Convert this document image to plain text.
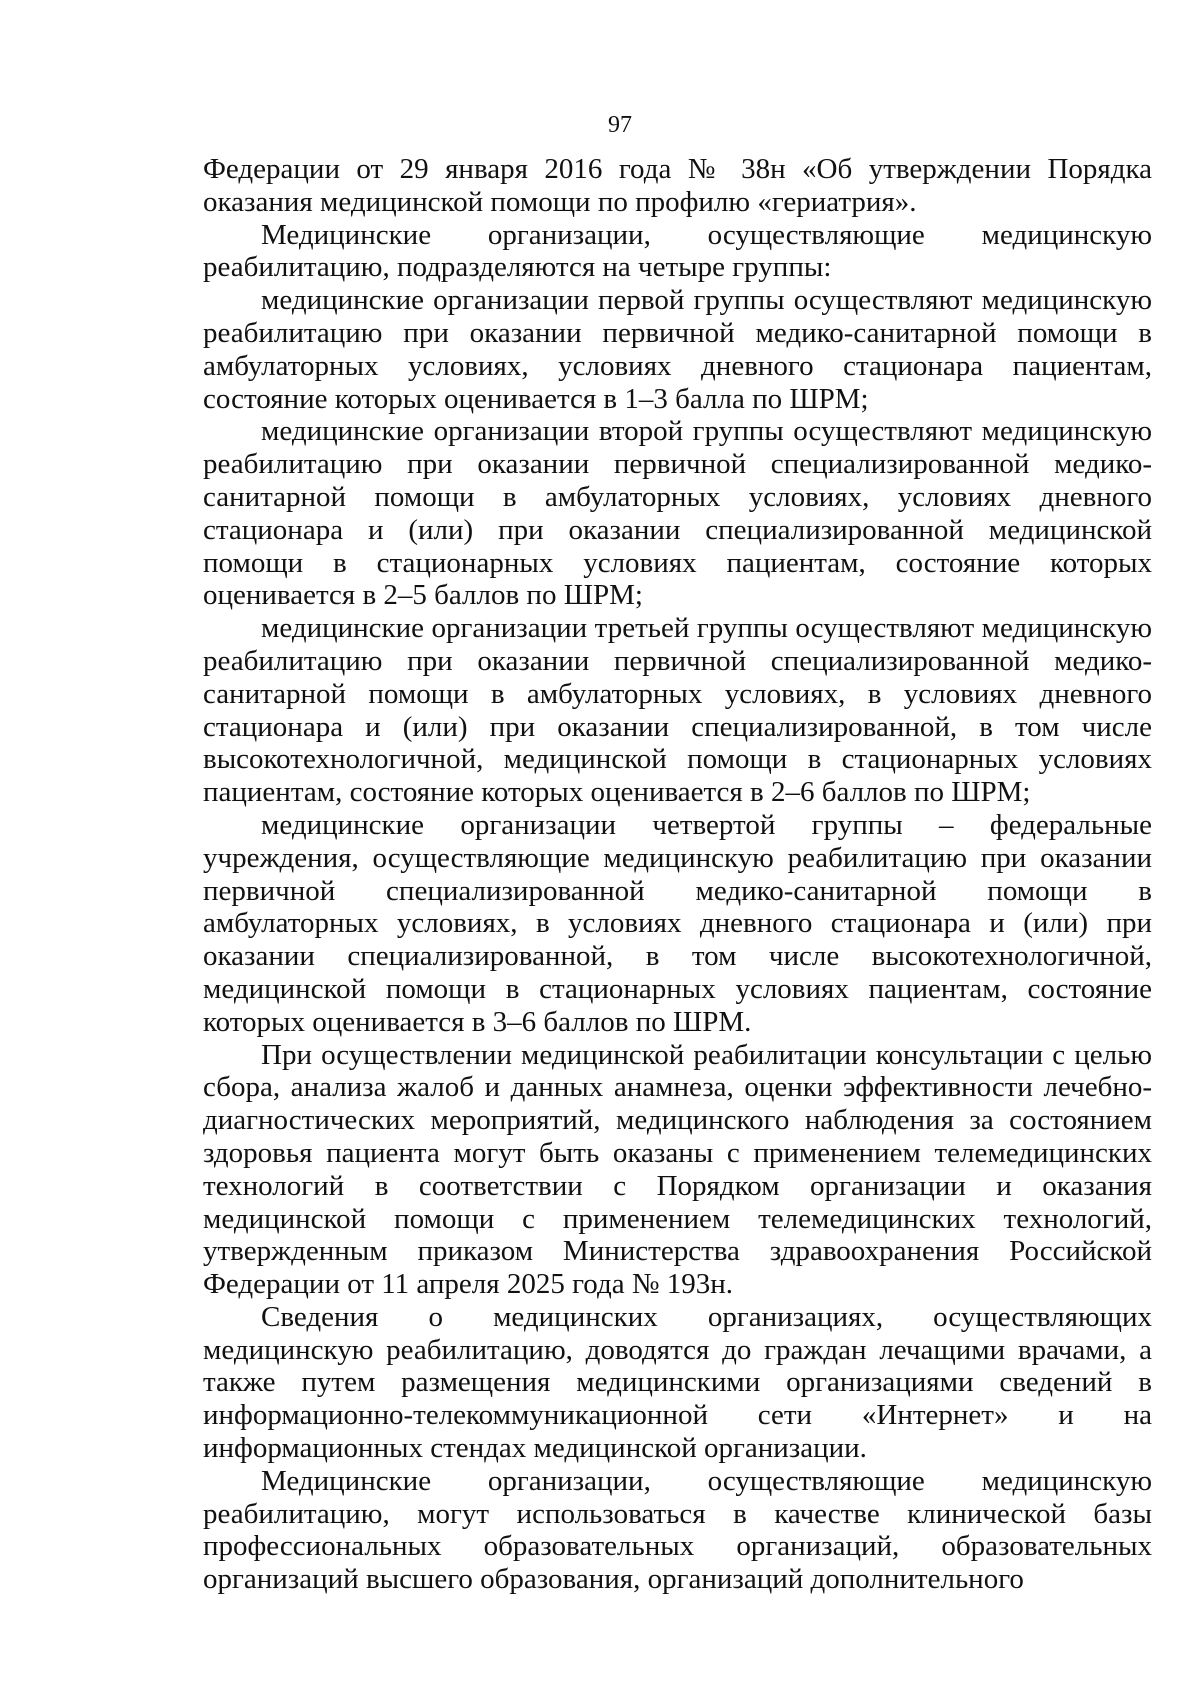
97

Федерации от 29 января 2016 года № 38н «Об утверждении Порядка оказания медицинской помощи по профилю «гериатрия».

Медицинские организации, осуществляющие медицинскую реабилитацию, подразделяются на четыре группы:

медицинские организации первой группы осуществляют медицинскую реабилитацию при оказании первичной медико-санитарной помощи в амбулаторных условиях, условиях дневного стационара пациентам, состояние которых оценивается в 1–3 балла по ШРМ;

медицинские организации второй группы осуществляют медицинскую реабилитацию при оказании первичной специализированной медико-санитарной помощи в амбулаторных условиях, условиях дневного стационара и (или) при оказании специализированной медицинской помощи в стационарных условиях пациентам, состояние которых оценивается в 2–5 баллов по ШРМ;

медицинские организации третьей группы осуществляют медицинскую реабилитацию при оказании первичной специализированной медико-санитарной помощи в амбулаторных условиях, в условиях дневного стационара и (или) при оказании специализированной, в том числе высокотехнологичной, медицинской помощи в стационарных условиях пациентам, состояние которых оценивается в 2–6 баллов по ШРМ;

медицинские организации четвертой группы – федеральные учреждения, осуществляющие медицинскую реабилитацию при оказании первичной специализированной медико-санитарной помощи в амбулаторных условиях, в условиях дневного стационара и (или) при оказании специализированной, в том числе высокотехнологичной, медицинской помощи в стационарных условиях пациентам, состояние которых оценивается в 3–6 баллов по ШРМ.

При осуществлении медицинской реабилитации консультации с целью сбора, анализа жалоб и данных анамнеза, оценки эффективности лечебно-диагностических мероприятий, медицинского наблюдения за состоянием здоровья пациента могут быть оказаны с применением телемедицинских технологий в соответствии с Порядком организации и оказания медицинской помощи с применением телемедицинских технологий, утвержденным приказом Министерства здравоохранения Российской Федерации от 11 апреля 2025 года № 193н.

Сведения о медицинских организациях, осуществляющих медицинскую реабилитацию, доводятся до граждан лечащими врачами, а также путем размещения медицинскими организациями сведений в информационно-телекоммуникационной сети «Интернет» и на информационных стендах медицинской организации.

Медицинские организации, осуществляющие медицинскую реабилитацию, могут использоваться в качестве клинической базы профессиональных образовательных организаций, образовательных организаций высшего образования, организаций дополнительного
